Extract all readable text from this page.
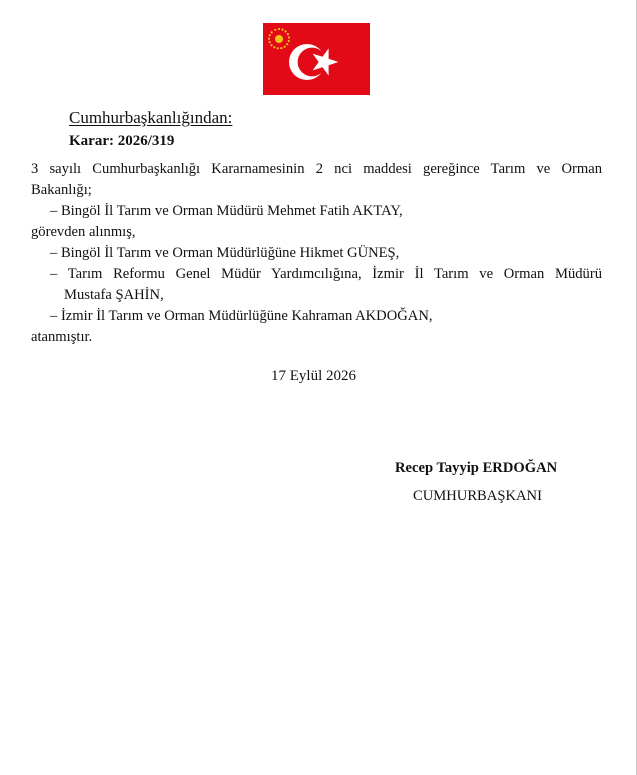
Cumhurbaşkanlığından:
Karar: 2026/319
3 sayılı Cumhurbaşkanlığı Kararnamesinin 2 nci maddesi gereğince Tarım ve Orman
Bakanlığı;
– Bingöl İl Tarım ve Orman Müdürü Mehmet Fatih AKTAY,
görevden alınmış,
– Bingöl İl Tarım ve Orman Müdürlüğüne Hikmet GÜNEŞ,
– Tarım Reformu Genel Müdür Yardımcılığına, İzmir İl Tarım ve Orman Müdürü
Mustafa ŞAHİN,
– İzmir İl Tarım ve Orman Müdürlüğüne Kahraman AKDOĞAN,
atanmıştır.
17 Eylül 2026
Recep Tayyip ERDOĞAN
CUMHURBAŞKANI
